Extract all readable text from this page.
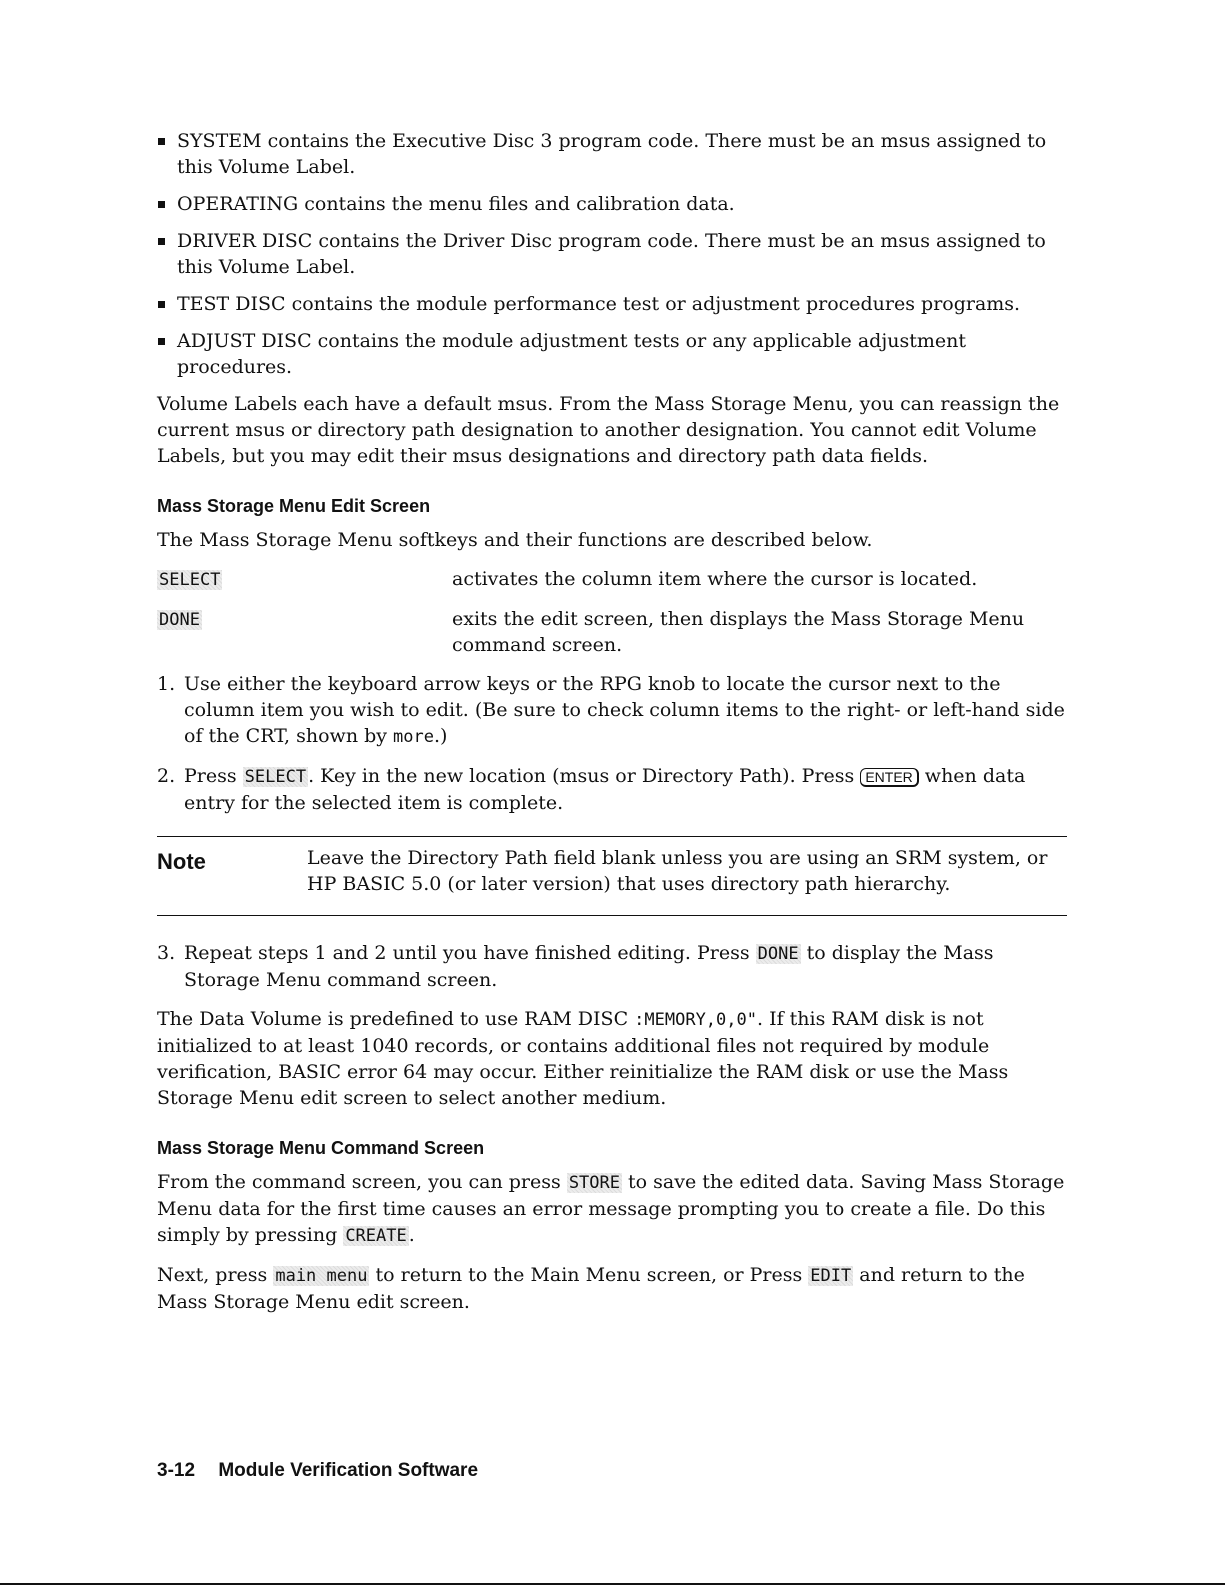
SYSTEM contains the Executive Disc 3 program code. There must be an msus assigned to this Volume Label.
OPERATING contains the menu files and calibration data.
DRIVER DISC contains the Driver Disc program code. There must be an msus assigned to this Volume Label.
TEST DISC contains the module performance test or adjustment procedures programs.
ADJUST DISC contains the module adjustment tests or any applicable adjustment procedures.

Volume Labels each have a default msus. From the Mass Storage Menu, you can reassign the current msus or directory path designation to another designation. You cannot edit Volume Labels, but you may edit their msus designations and directory path data fields.

Mass Storage Menu Edit Screen

The Mass Storage Menu softkeys and their functions are described below.

SELECT	activates the column item where the cursor is located.
DONE	exits the edit screen, then displays the Mass Storage Menu command screen.
1. Use either the keyboard arrow keys or the RPG knob to locate the cursor next to the column item you wish to edit. (Be sure to check column items to the right- or left-hand side of the CRT, shown by more.)
2. Press SELECT . Key in the new location (msus or Directory Path). Press ENTER when data entry for the selected item is complete.
Note	Leave the Directory Path field blank unless you are using an SRM system, or HP BASIC 5.0 (or later version) that uses directory path hierarchy.
3. Repeat steps 1 and 2 until you have finished editing. Press DONE to display the Mass Storage Menu command screen.

The Data Volume is predefined to use RAM DISC :MEMORY,0,0". If this RAM disk is not initialized to at least 1040 records, or contains additional files not required by module verification, BASIC error 64 may occur. Either reinitialize the RAM disk or use the Mass Storage Menu edit screen to select another medium.

Mass Storage Menu Command Screen

From the command screen, you can press STORE to save the edited data. Saving Mass Storage Menu data for the first time causes an error message prompting you to create a file. Do this simply by pressing CREATE .

Next, press main menu to return to the Main Menu screen, or Press EDIT and return to the Mass Storage Menu edit screen.

3-12 Module Verification Software
